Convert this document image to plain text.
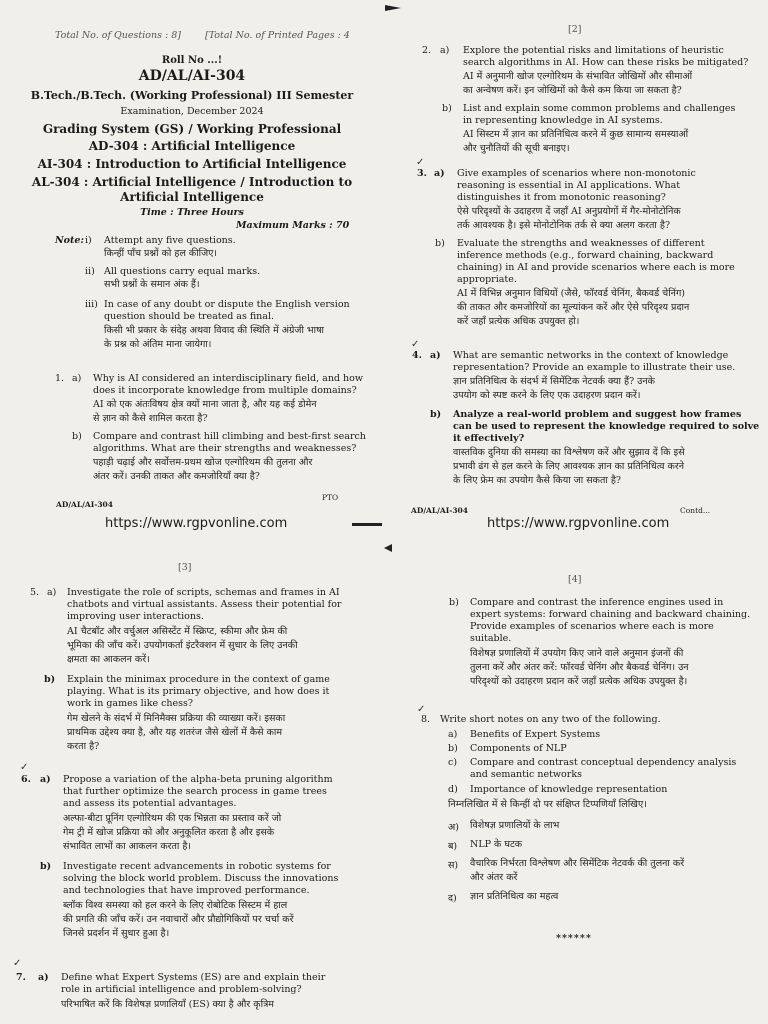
Total No. of Questions : 8]	[Total No. of Printed Pages : 4
Roll No ...!
AD/AL/AI-304
B.Tech./B.Tech. (Working Professional) III Semester
Examination, December 2024
Grading System (GS) / Working Professional
AD-304 : Artificial Intelligence
AI-304 : Introduction to Artificial Intelligence
AL-304 : Artificial Intelligence / Introduction to
Artificial Intelligence
Time : Three Hours
Maximum Marks : 70
Note: i) Attempt any five questions.
किन्हीं पाँच प्रश्नों को हल कीजिए।
ii) All questions carry equal marks.
सभी प्रश्नों के समान अंक हैं।
iii) In case of any doubt or dispute the English version
question should be treated as final.
किसी भी प्रकार के संदेह अथवा विवाद की स्थिति में अंग्रेजी भाषा
के प्रश्न को अंतिम माना जायेगा।
1. a) Why is AI considered an interdisciplinary field, and how
does it incorporate knowledge from multiple domains?
AI को एक अंतःविषय क्षेत्र क्यों माना जाता है, और यह कई डोमेन
से ज्ञान को कैसे शामिल करता है?
b) Compare and contrast hill climbing and best-first search
algorithms. What are their strengths and weaknesses?
पहाड़ी चढ़ाई और सर्वोत्तम-प्रथम खोज एल्गोरिथम की तुलना और
अंतर करें। उनकी ताकत और कमजोरियाँ क्या है?
PTO
AD/AL/AI-304
https://www.rgpvonline.com
[2]
2. a) Explore the potential risks and limitations of heuristic
search algorithms in AI. How can these risks be mitigated?
AI में अनुमानी खोज एल्गोरिथम के संभावित जोखिमों और सीमाओं
का अन्वेषण करें। इन जोखिमों को कैसे कम किया जा सकता है?
b) List and explain some common problems and challenges
in representing knowledge in AI systems.
AI सिस्टम में ज्ञान का प्रतिनिधित्व करने में कुछ सामान्य समस्याओं
और चुनौतियों की सूची बनाइए।
✓
3. a) Give examples of scenarios where non-monotonic
reasoning is essential in AI applications. What
distinguishes it from monotonic reasoning?
ऐसे परिदृश्यों के उदाहरण दें जहाँ AI अनुप्रयोगों में गैर-मोनोटोनिक
तर्क आवश्यक है। इसे मोनोटोनिक तर्क से क्या अलग करता है?
b) Evaluate the strengths and weaknesses of different
inference methods (e.g., forward chaining, backward
chaining) in AI and provide scenarios where each is more
appropriate.
AI में विभिन्न अनुमान विधियों (जैसे, फॉरवर्ड चेनिंग, बैकवर्ड चेनिंग)
की ताकत और कमजोरियों का मूल्यांकन करें और ऐसे परिदृश्य प्रदान
करें जहाँ प्रत्येक अधिक उपयुक्त हो।
✓
4. a) What are semantic networks in the context of knowledge
representation? Provide an example to illustrate their use.
ज्ञान प्रतिनिधित्व के संदर्भ में सिमेंटिक नेटवर्क क्या हैं? उनके
उपयोग को स्पष्ट करने के लिए एक उदाहरण प्रदान करें।
b) Analyze a real-world problem and suggest how frames
can be used to represent the knowledge required to solve
it effectively?
वास्तविक दुनिया की समस्या का विश्लेषण करें और सुझाव दें कि इसे
प्रभावी ढंग से हल करने के लिए आवश्यक ज्ञान का प्रतिनिधित्व करने
के लिए फ्रेम का उपयोग कैसे किया जा सकता है?
AD/AL/AI-304	Contd...
https://www.rgpvonline.com
[3]
5. a) Investigate the role of scripts, schemas and frames in AI
chatbots and virtual assistants. Assess their potential for
improving user interactions.
AI चैटबॉट और वर्चुअल असिस्टेंट में स्क्रिप्ट, स्कीमा और फ्रेम की
भूमिका की जाँच करें। उपयोगकर्ता इंटरैक्शन में सुधार के लिए उनकी
क्षमता का आकलन करें।
b) Explain the minimax procedure in the context of game
playing. What is its primary objective, and how does it
work in games like chess?
गेम खेलने के संदर्भ में मिनिमैक्स प्रक्रिया की व्याख्या करें। इसका
प्राथमिक उद्देश्य क्या है, और यह शतरंज जैसे खेलों में कैसे काम
करता है?
✓
6. a) Propose a variation of the alpha-beta pruning algorithm
that further optimize the search process in game trees
and assess its potential advantages.
अल्फा-बीटा प्रूनिंग एल्गोरिथम की एक भिन्नता का प्रस्ताव करें जो
गेम ट्री में खोज प्रक्रिया को और अनुकूलित करता है और इसके
संभावित लाभों का आकलन करता है।
b) Investigate recent advancements in robotic systems for
solving the block world problem. Discuss the innovations
and technologies that have improved performance.
ब्लॉक विश्व समस्या को हल करने के लिए रोबोटिक सिस्टम में हाल
की प्रगति की जाँच करें। उन नवाचारों और प्रौद्योगिकियों पर चर्चा करें
जिनसे प्रदर्शन में सुधार हुआ है।
✓
7. a) Define what Expert Systems (ES) are and explain their
role in artificial intelligence and problem-solving?
परिभाषित करें कि विशेषज्ञ प्रणालियाँ (ES) क्या है और कृत्रिम
[4]
b) Compare and contrast the inference engines used in
expert systems: forward chaining and backward chaining.
Provide examples of scenarios where each is more
suitable.
विशेषज्ञ प्रणालियों में उपयोग किए जाने वाले अनुमान इंजनों की
तुलना करें और अंतर करें: फॉरवर्ड चेनिंग और बैकवर्ड चेनिंग। उन
परिदृश्यों को उदाहरण प्रदान करें जहाँ प्रत्येक अधिक उपयुक्त है।
✓
8. Write short notes on any two of the following.
a) Benefits of Expert Systems
b) Components of NLP
c) Compare and contrast conceptual dependency analysis
and semantic networks
d) Importance of knowledge representation
निम्नलिखित में से किन्हीं दो पर संक्षिप्त टिप्पणियाँ लिखिए।
अ) विशेषज्ञ प्रणालियों के लाभ
ब) NLP के घटक
स) वैचारिक निर्भरता विश्लेषण और सिमेंटिक नेटवर्क की तुलना करें
और अंतर करें
द) ज्ञान प्रतिनिधित्व का महत्व
******
